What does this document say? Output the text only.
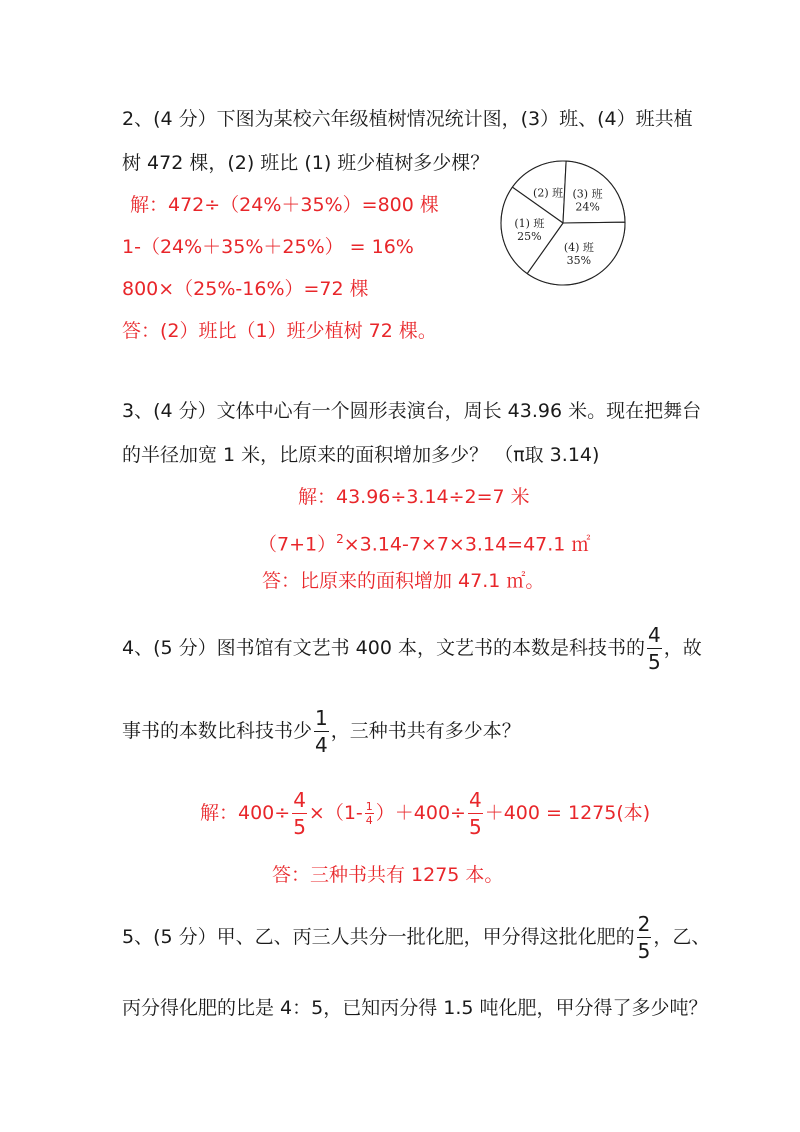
2、(4 分）下图为某校六年级植树情况统计图，(3）班、(4）班共植
树 472 棵，(2) 班比 (1) 班少植树多少棵？
解：472÷（24%＋35%）=800 棵
1-（24%＋35%＋25%） = 16%
800×（25%-16%）=72 棵
答：(2）班比（1）班少植树 72 棵。
(2) 班 (3) 班
24%
(4) 班
35%
(1) 班
25%
3、(4 分）文体中心有一个圆形表演台，周长 43.96 米。现在把舞台
的半径加宽 1 米，比原来的面积增加多少？ （π取 3.14)
解：43.96÷3.14÷2=7 米
$(7+1)^2\times 3.14-7\times 7\times 3.14=47.1$ ㎡
答：比原来的面积增加 47.1 ㎡。
4、(5 分）图书馆有文艺书 400 本，文艺书的本数是科技书的 $\frac{4}{5}$ ，故
事书的本数比科技书少 $\frac{1}{4}$ ，三种书共有多少本？
解：$400\div \frac{4}{5} \times(1- \frac{1}{4} )+400\div \frac{4}{5} +400 = 1275$(本)
答：三种书共有 1275 本。
5、(5 分）甲、乙、丙三人共分一批化肥，甲分得这批化肥的 $\frac{2}{5}$ ，乙、
丙分得化肥的比是 4：5，已知丙分得 1.5 吨化肥，甲分得了多少吨？
